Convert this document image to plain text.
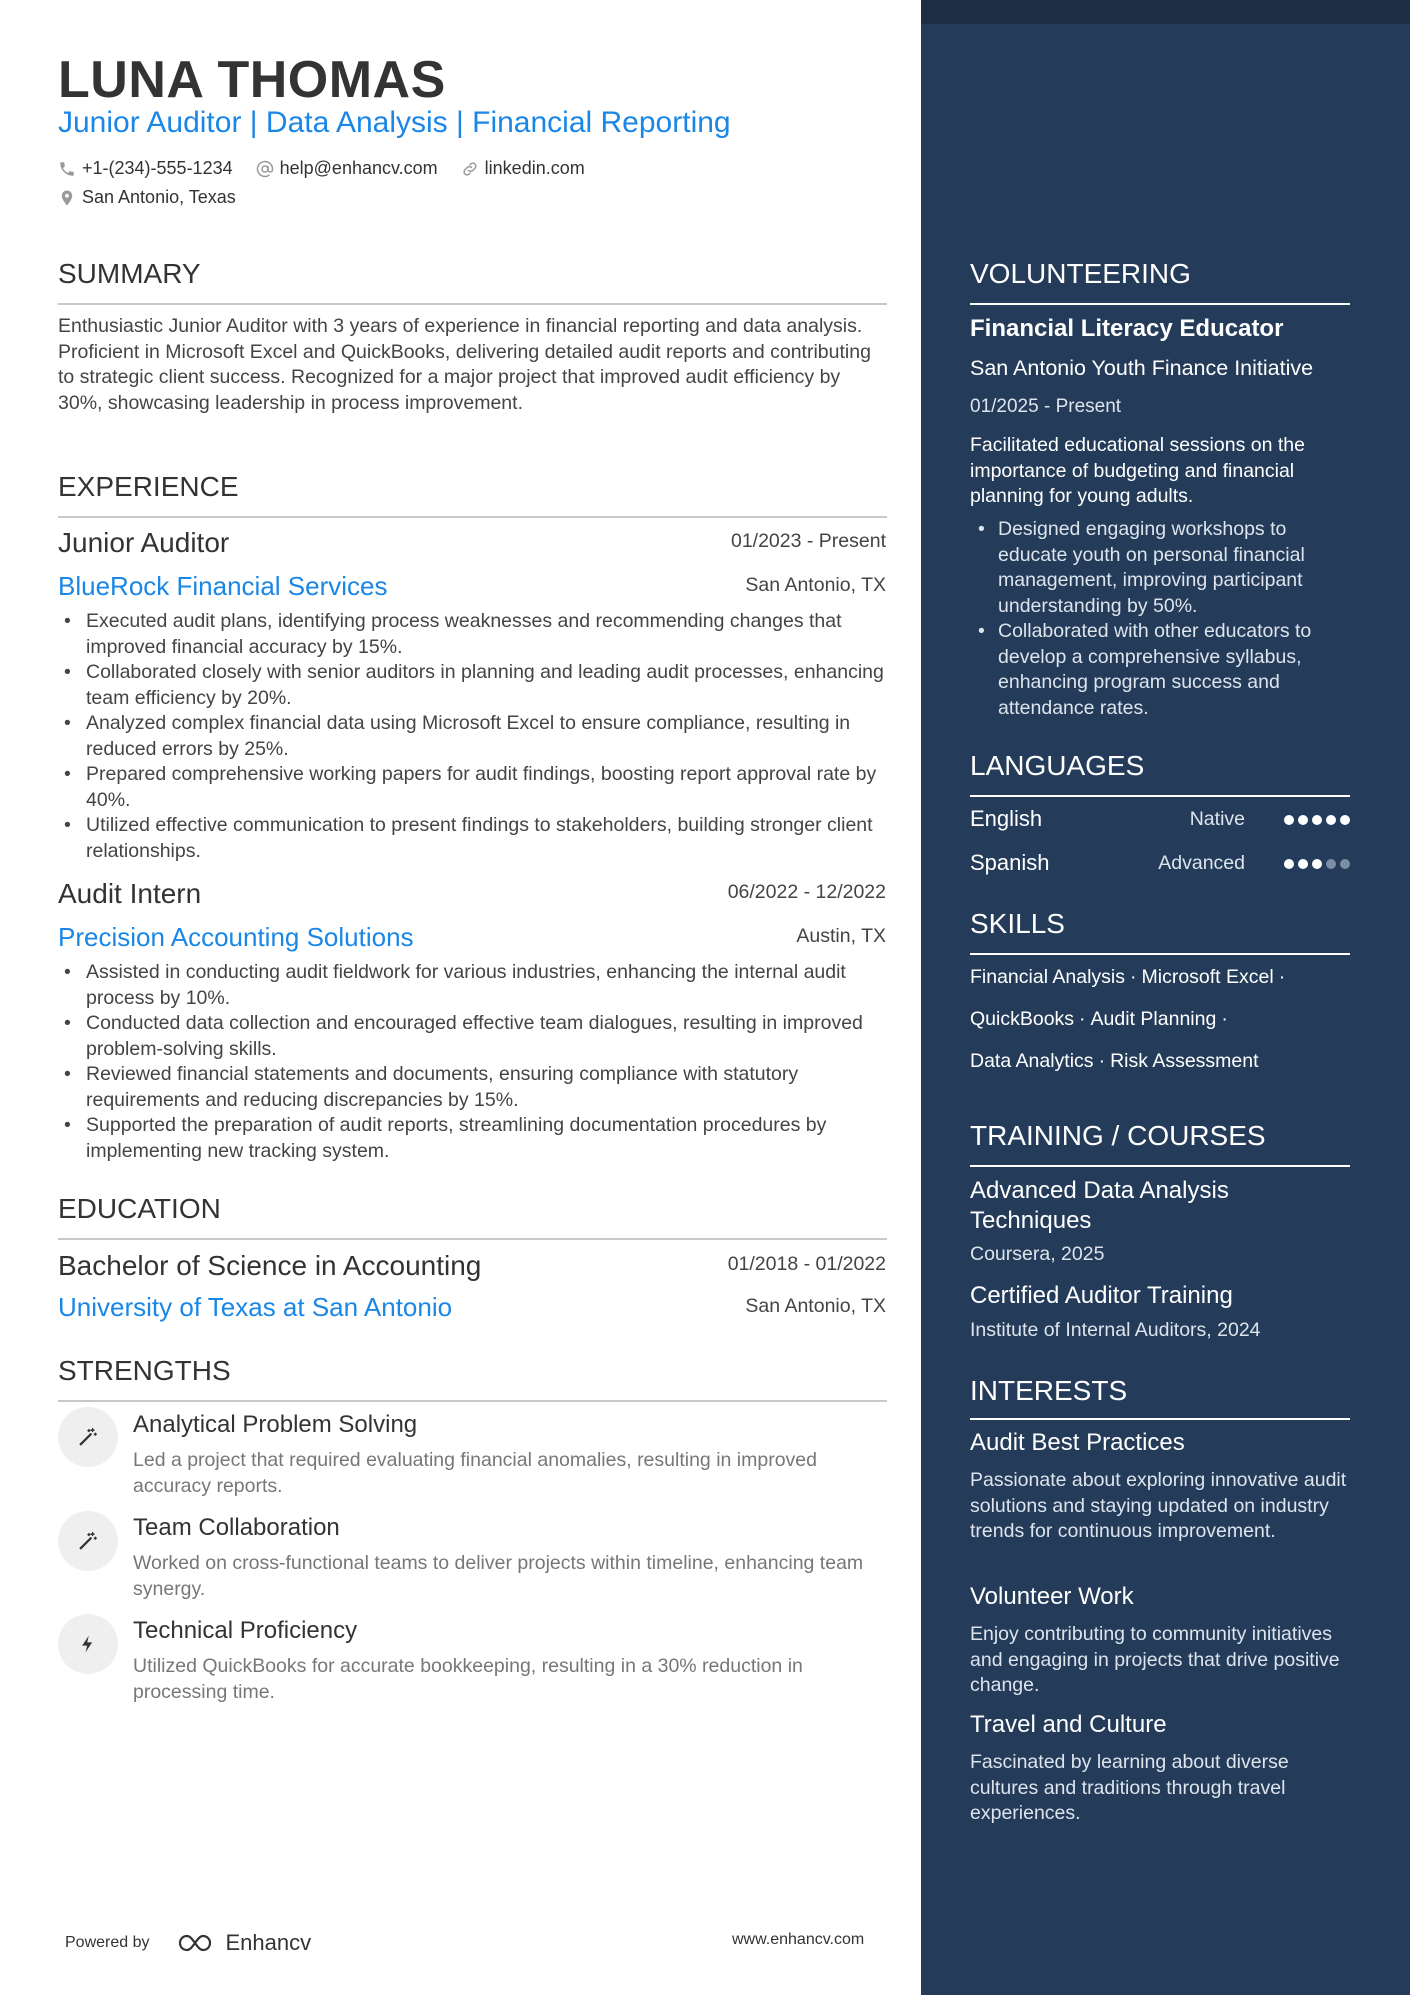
LUNA THOMAS
Junior Auditor | Data Analysis | Financial Reporting
+1-(234)-555-1234
	help@enhancv.com
	linkedin.com

San Antonio, Texas
SUMMARY
Enthusiastic Junior Auditor with 3 years of experience in financial reporting and data analysis. Proficient in Microsoft Excel and QuickBooks, delivering detailed audit reports and contributing to strategic client success. Recognized for a major project that improved audit efficiency by 30%, showcasing leadership in process improvement.
EXPERIENCE
Junior Auditor	01/2023 - Present
BlueRock Financial Services	San Antonio, TX
• Executed audit plans, identifying process weaknesses and recommending changes that improved financial accuracy by 15%.
• Collaborated closely with senior auditors in planning and leading audit processes, enhancing team efficiency by 20%.
• Analyzed complex financial data using Microsoft Excel to ensure compliance, resulting in reduced errors by 25%.
• Prepared comprehensive working papers for audit findings, boosting report approval rate by 40%.
• Utilized effective communication to present findings to stakeholders, building stronger client relationships.
Audit Intern	06/2022 - 12/2022
Precision Accounting Solutions	Austin, TX
• Assisted in conducting audit fieldwork for various industries, enhancing the internal audit process by 10%.
• Conducted data collection and encouraged effective team dialogues, resulting in improved problem-solving skills.
• Reviewed financial statements and documents, ensuring compliance with statutory requirements and reducing discrepancies by 15%.
• Supported the preparation of audit reports, streamlining documentation procedures by implementing new tracking system.
EDUCATION
Bachelor of Science in Accounting	01/2018 - 01/2022
University of Texas at San Antonio	San Antonio, TX
STRENGTHS
Analytical Problem Solving
Led a project that required evaluating financial anomalies, resulting in improved accuracy reports.
Team Collaboration
Worked on cross-functional teams to deliver projects within timeline, enhancing team synergy.
Technical Proficiency
Utilized QuickBooks for accurate bookkeeping, resulting in a 30% reduction in processing time.
Powered by	Enhancv	www.enhancv.com
VOLUNTEERING
Financial Literacy Educator
San Antonio Youth Finance Initiative
01/2025 - Present
Facilitated educational sessions on the importance of budgeting and financial planning for young adults.
• Designed engaging workshops to educate youth on personal financial management, improving participant understanding by 50%.
• Collaborated with other educators to develop a comprehensive syllabus, enhancing program success and attendance rates.
LANGUAGES
English	Native
Spanish	Advanced
SKILLS
Financial Analysis · Microsoft Excel ·
QuickBooks · Audit Planning ·
Data Analytics · Risk Assessment
TRAINING / COURSES
Advanced Data Analysis Techniques
Coursera, 2025
Certified Auditor Training
Institute of Internal Auditors, 2024
INTERESTS
Audit Best Practices
Passionate about exploring innovative audit solutions and staying updated on industry trends for continuous improvement.
Volunteer Work
Enjoy contributing to community initiatives and engaging in projects that drive positive change.
Travel and Culture
Fascinated by learning about diverse cultures and traditions through travel experiences.
